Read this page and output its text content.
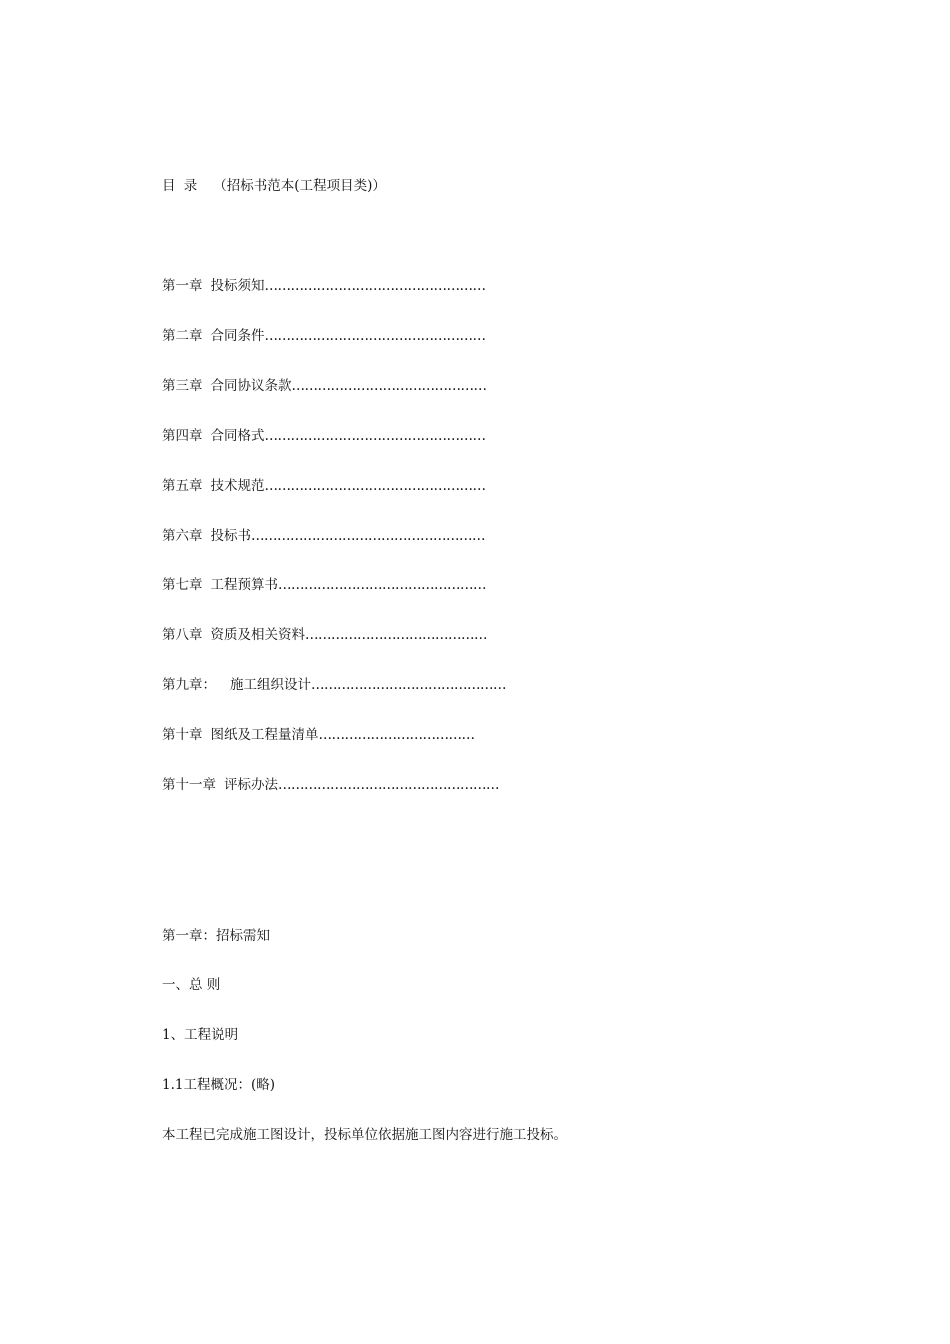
目 录 （招标书范本(工程项目类)）
第一章 投标须知……………………………………………
第二章 合同条件……………………………………………
第三章 合同协议条款………………………………………
第四章 合同格式……………………………………………
第五章 技术规范……………………………………………
第六章 投标书………………………………………………
第七章 工程预算书…………………………………………
第八章 资质及相关资料……………………………………
第九章： 施工组织设计………………………………………
第十章 图纸及工程量清单………………………………
第十一章 评标办法……………………………………………
第一章：招标需知
一、总 则
1、工程说明
1.1工程概况：(略)
本工程已完成施工图设计，投标单位依据施工图内容进行施工投标。
